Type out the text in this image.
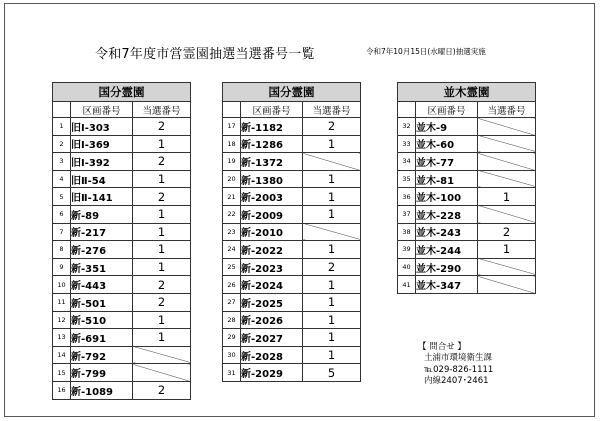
令和7年度市営霊園抽選当選番号一覧	令和7年10月15日(水曜日)抽選実施
国分霊園		
	区画番号	当選番号
1	旧Ⅰ-303	2
2	旧Ⅰ-369	1
3	旧Ⅰ-392	2
4	旧Ⅱ-54	1
5	旧Ⅱ-141	2
6	新-89	1
7	新-217	1
8	新-276	1
9	新-351	1
10	新-443	2
11	新-501	2
12	新-510	1
13	新-691	1
14	新-792	
15	新-799	
16	新-1089	2
国分霊園		
	区画番号	当選番号
17	新-1182	2
18	新-1286	1
19	新-1372	
20	新-1380	1
21	新-2003	1
22	新-2009	1
23	新-2010	
24	新-2022	1
25	新-2023	2
26	新-2024	1
27	新-2025	1
28	新-2026	1
29	新-2027	1
30	新-2028	1
31	新-2029	5
並木霊園		
	区画番号	当選番号
32	並木-9	
33	並木-60	
34	並木-77	
35	並木-81	
36	並木-100	1
37	並木-228	
38	並木-243	2
39	並木-244	1
40	並木-290	
41	並木-347	
【 問合せ 】
土浦市環境衛生課
℡029-826-1111
内線2407･2461
